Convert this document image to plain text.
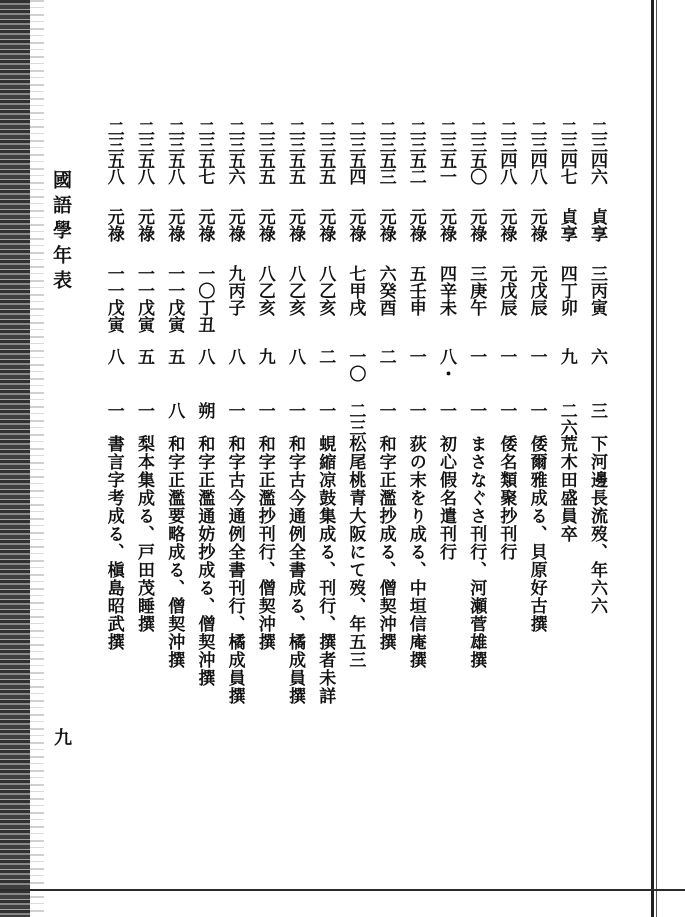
國語學年表
九
二三四六
貞享
三丙寅
六
三
下河邊長流歿、年六六
二三四七
貞享
四丁卯
九
二六
荒木田盛員卒
二三四八
元祿
元戊辰
一
一
倭爾雅成る、貝原好古撰
二三四八
元祿
元戊辰
一
一
倭名類聚抄刊行
二三五〇
元祿
三庚午
一
一
まさなぐさ刊行、河瀬菅雄撰
二三五一
元祿
四辛未
八・
一
初心假名遣刊行
二三五二
元祿
五壬申
一
一
荻の末をり成る、中垣信庵撰
二三五三
元祿
六癸酉
二
一
和字正濫抄成る、僧契沖撰
二三五四
元祿
七甲戌
一〇
二三
松尾桃青大阪にて歿、年五三
二三五五
元祿
八乙亥
二
一
蜆縮凉鼓集成る、刊行、撰者未詳
二三五五
元祿
八乙亥
八
一
和字古今通例全書成る、橘成員撰
二三五五
元祿
八乙亥
九
一
和字正濫抄刊行、僧契沖撰
二三五六
元祿
九丙子
八
一
和字古今通例全書刊行、橘成員撰
二三五七
元祿
一〇丁丑
八
朔
和字正濫通妨抄成る、僧契沖撰
二三五八
元祿
一一戊寅
五
八
和字正濫要略成る、僧契沖撰
二三五八
元祿
一一戊寅
五
一
梨本集成る、戸田茂睡撰
二三五八
元祿
一一戊寅
八
一
書言字考成る、槇島昭武撰
